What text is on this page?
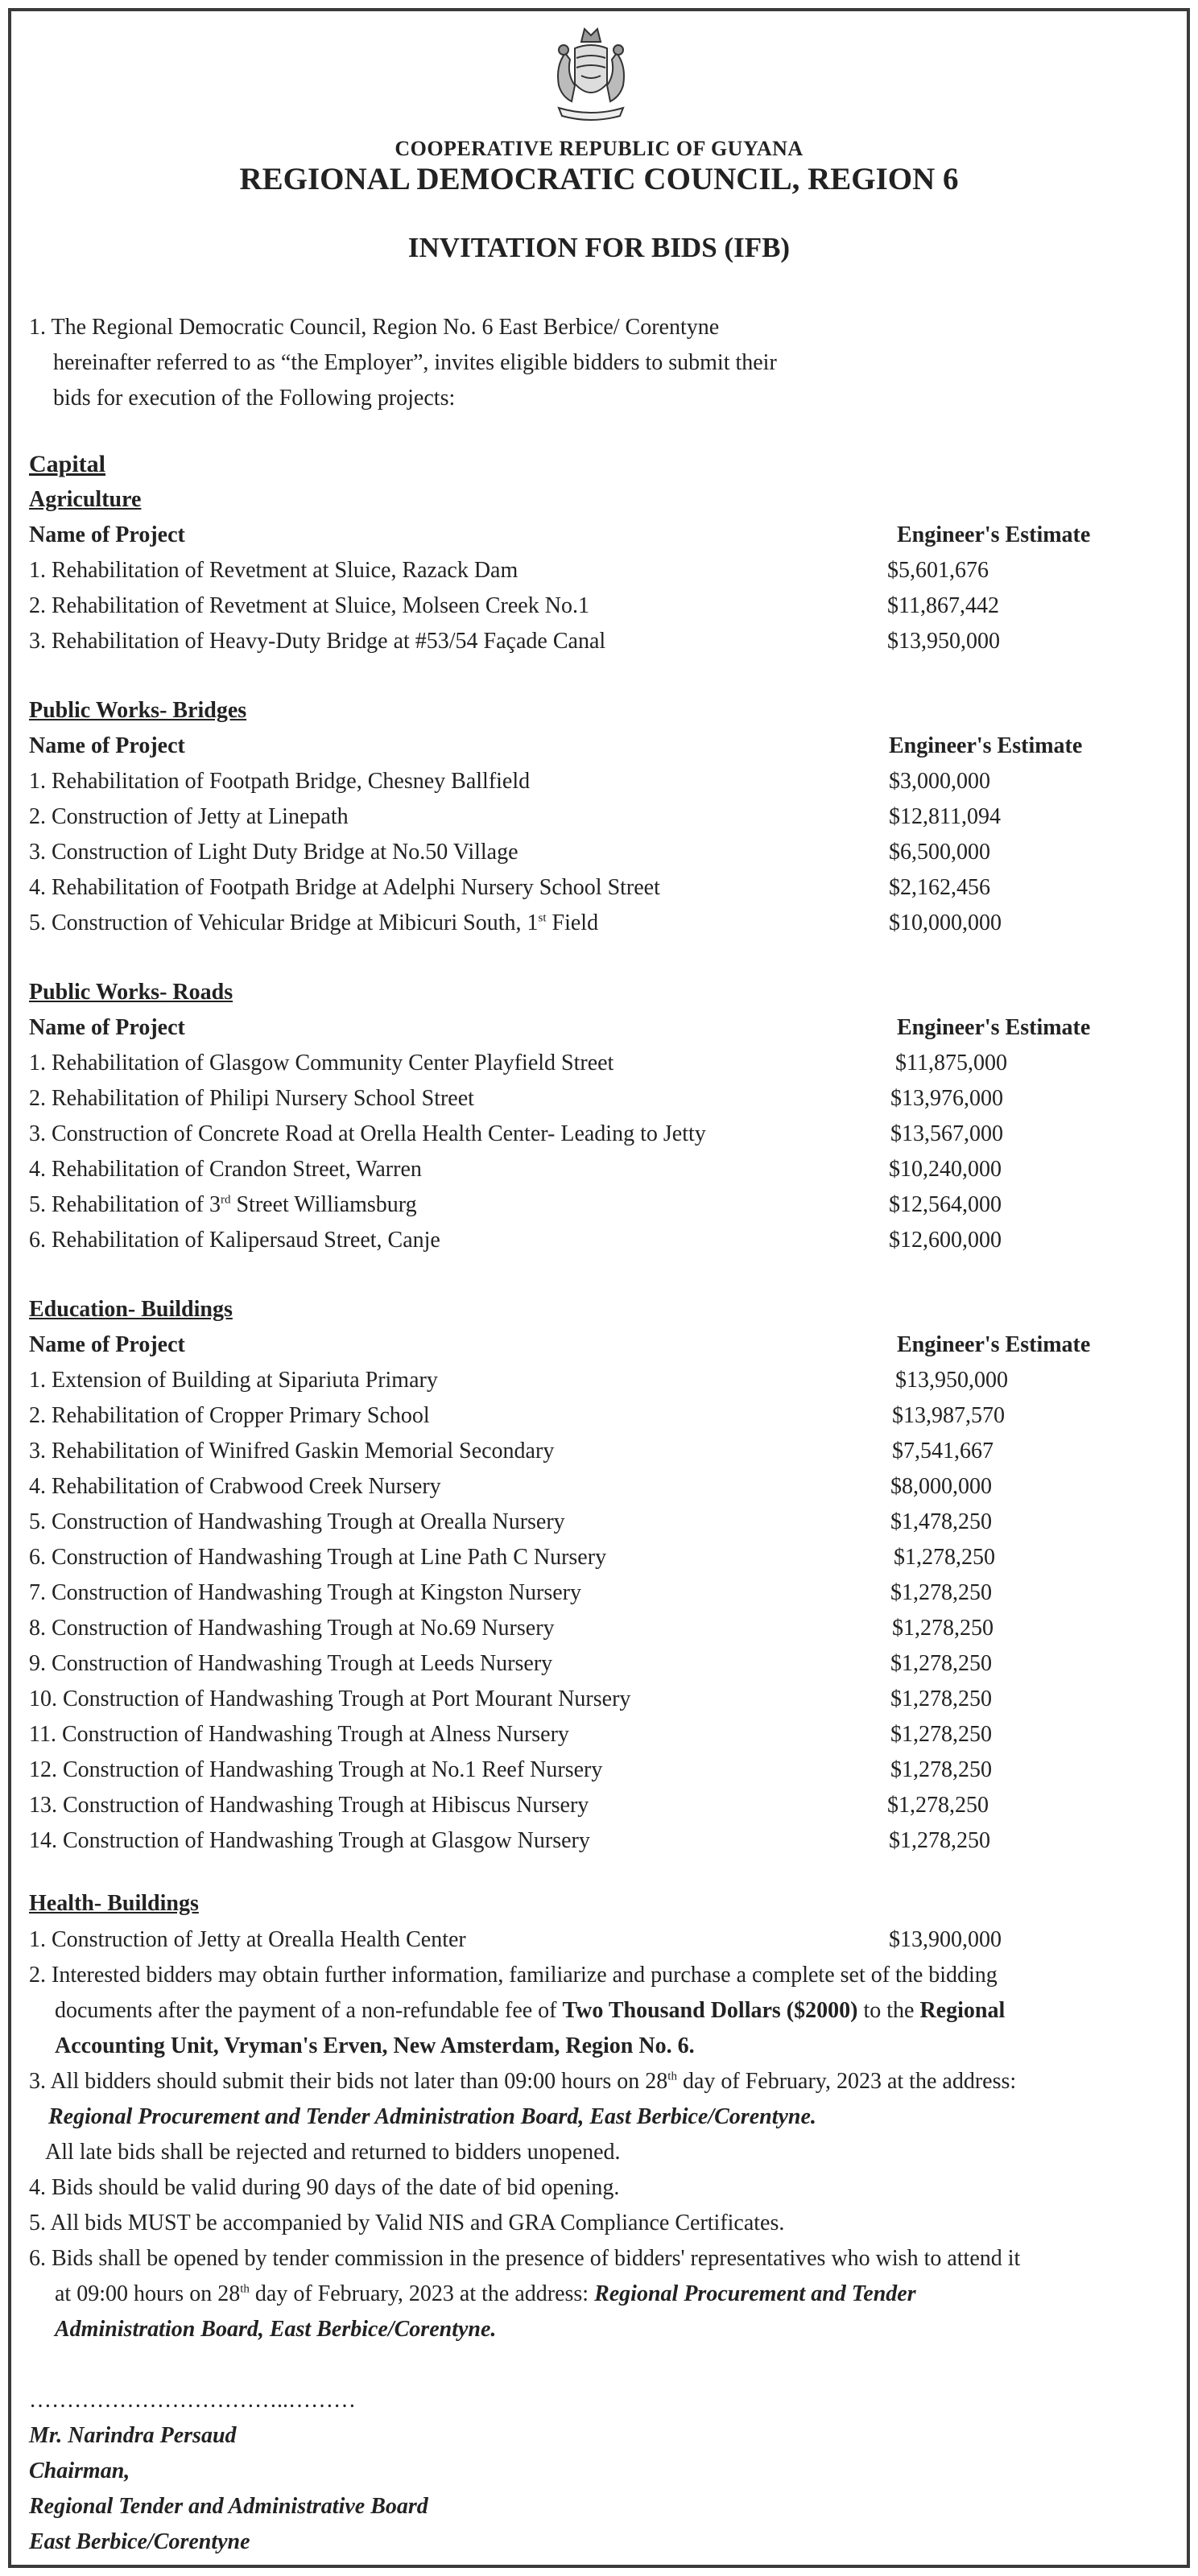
COOPERATIVE REPUBLIC OF GUYANA
REGIONAL DEMOCRATIC COUNCIL, REGION 6
INVITATION FOR BIDS (IFB)
1. The Regional Democratic Council, Region No. 6 East Berbice/ Corentyne
hereinafter referred to as “the Employer”, invites eligible bidders to submit their
bids for execution of the Following projects:
Capital
Agriculture
Name of Project	Engineer's Estimate
1. Rehabilitation of Revetment at Sluice, Razack Dam	$5,601,676
2. Rehabilitation of Revetment at Sluice, Molseen Creek No.1	$11,867,442
3. Rehabilitation of Heavy-Duty Bridge at #53/54 Façade Canal	$13,950,000
Public Works- Bridges
Name of Project	Engineer's Estimate
1. Rehabilitation of Footpath Bridge, Chesney Ballfield	$3,000,000
2. Construction of Jetty at Linepath	$12,811,094
3. Construction of Light Duty Bridge at No.50 Village	$6,500,000
4. Rehabilitation of Footpath Bridge at Adelphi Nursery School Street	$2,162,456
5. Construction of Vehicular Bridge at Mibicuri South, 1st Field	$10,000,000
Public Works- Roads
Name of Project	Engineer's Estimate
1. Rehabilitation of Glasgow Community Center Playfield Street	$11,875,000
2. Rehabilitation of Philipi Nursery School Street	$13,976,000
3. Construction of Concrete Road at Orella Health Center- Leading to Jetty	$13,567,000
4. Rehabilitation of Crandon Street, Warren	$10,240,000
5. Rehabilitation of 3rd Street Williamsburg	$12,564,000
6. Rehabilitation of Kalipersaud Street, Canje	$12,600,000
Education- Buildings
Name of Project	Engineer's Estimate
1. Extension of Building at Sipariuta Primary	$13,950,000
2. Rehabilitation of Cropper Primary School	$13,987,570
3. Rehabilitation of Winifred Gaskin Memorial Secondary	$7,541,667
4. Rehabilitation of Crabwood Creek Nursery	$8,000,000
5. Construction of Handwashing Trough at Orealla Nursery	$1,478,250
6. Construction of Handwashing Trough at Line Path C Nursery	$1,278,250
7. Construction of Handwashing Trough at Kingston Nursery	$1,278,250
8. Construction of Handwashing Trough at No.69 Nursery	$1,278,250
9. Construction of Handwashing Trough at Leeds Nursery	$1,278,250
10. Construction of Handwashing Trough at Port Mourant Nursery	$1,278,250
11. Construction of Handwashing Trough at Alness Nursery	$1,278,250
12. Construction of Handwashing Trough at No.1 Reef Nursery	$1,278,250
13. Construction of Handwashing Trough at Hibiscus Nursery	$1,278,250
14. Construction of Handwashing Trough at Glasgow Nursery	$1,278,250
Health- Buildings
1. Construction of Jetty at Orealla Health Center	$13,900,000
2. Interested bidders may obtain further information, familiarize and purchase a complete set of the bidding
documents after the payment of a non-refundable fee of Two Thousand Dollars ($2000) to the Regional
Accounting Unit, Vryman's Erven, New Amsterdam, Region No. 6.
3. All bidders should submit their bids not later than 09:00 hours on 28th day of February, 2023 at the address:
Regional Procurement and Tender Administration Board, East Berbice/Corentyne.
All late bids shall be rejected and returned to bidders unopened.
4. Bids should be valid during 90 days of the date of bid opening.
5. All bids MUST be accompanied by Valid NIS and GRA Compliance Certificates.
6. Bids shall be opened by tender commission in the presence of bidders' representatives who wish to attend it
at 09:00 hours on 28th day of February, 2023 at the address: Regional Procurement and Tender
Administration Board, East Berbice/Corentyne.
……………………………..………
Mr. Narindra Persaud
Chairman,
Regional Tender and Administrative Board
East Berbice/Corentyne
